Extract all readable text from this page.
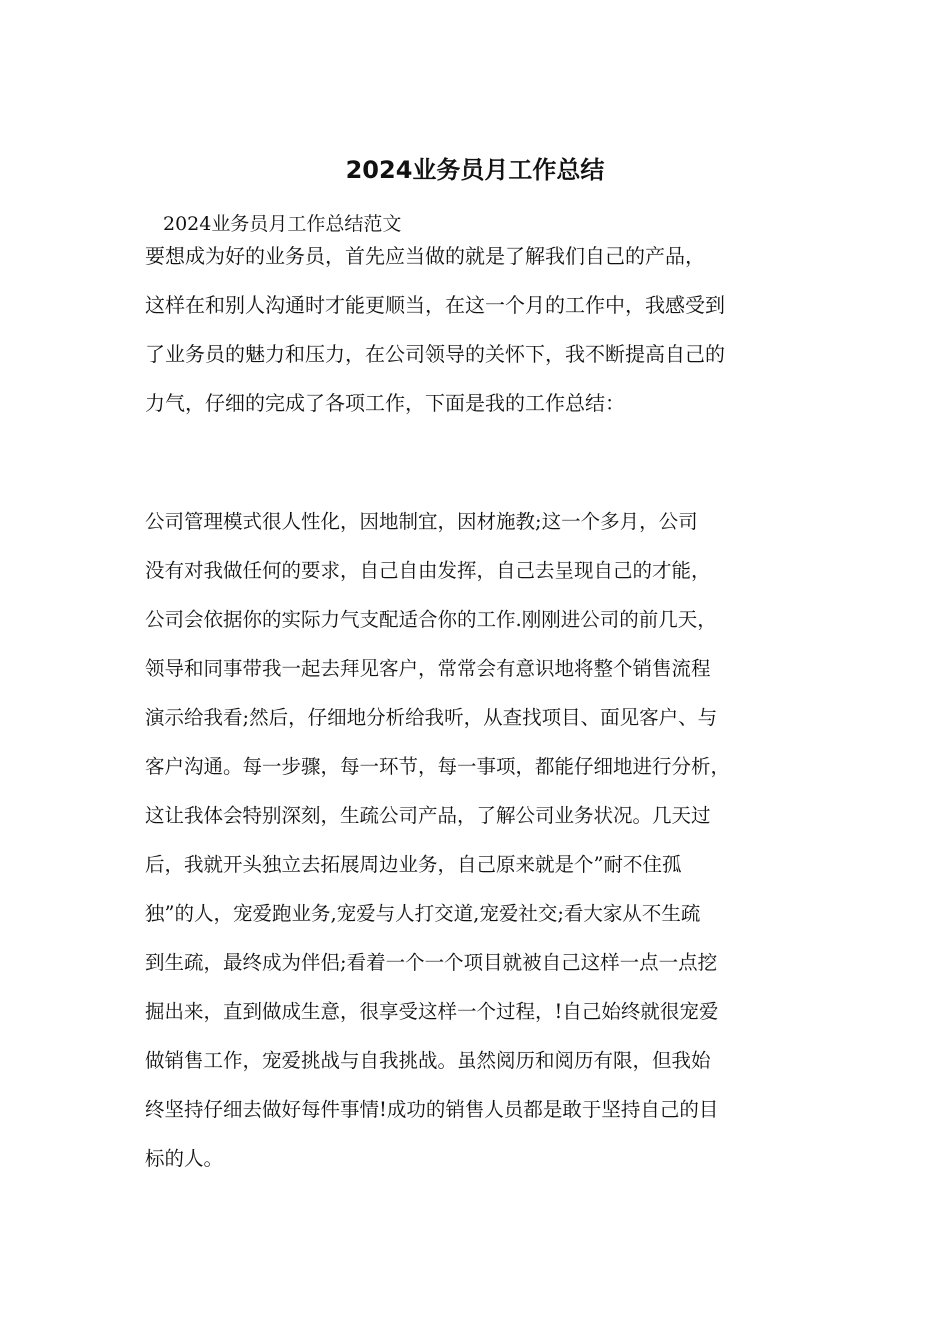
2024业务员月工作总结

2024业务员月工作总结范文

要想成为好的业务员，首先应当做的就是了解我们自己的产品，
这样在和别人沟通时才能更顺当，在这一个月的工作中，我感受到
了业务员的魅力和压力，在公司领导的关怀下，我不断提高自己的
力气，仔细的完成了各项工作，下面是我的工作总结：

公司管理模式很人性化，因地制宜，因材施教;这一个多月，公司
没有对我做任何的要求，自己自由发挥，自己去呈现自己的才能，
公司会依据你的实际力气支配适合你的工作.刚刚进公司的前几天，
领导和同事带我一起去拜见客户，常常会有意识地将整个销售流程
演示给我看;然后，仔细地分析给我听，从查找项目、面见客户、与
客户沟通。每一步骤，每一环节，每一事项，都能仔细地进行分析，
这让我体会特别深刻，生疏公司产品，了解公司业务状况。几天过
后，我就开头独立去拓展周边业务，自己原来就是个”耐不住孤
独”的人，宠爱跑业务,宠爱与人打交道,宠爱社交;看大家从不生疏
到生疏，最终成为伴侣;看着一个一个项目就被自己这样一点一点挖
掘出来，直到做成生意，很享受这样一个过程，!自己始终就很宠爱
做销售工作，宠爱挑战与自我挑战。虽然阅历和阅历有限，但我始
终坚持仔细去做好每件事情!成功的销售人员都是敢于坚持自己的目
标的人。
